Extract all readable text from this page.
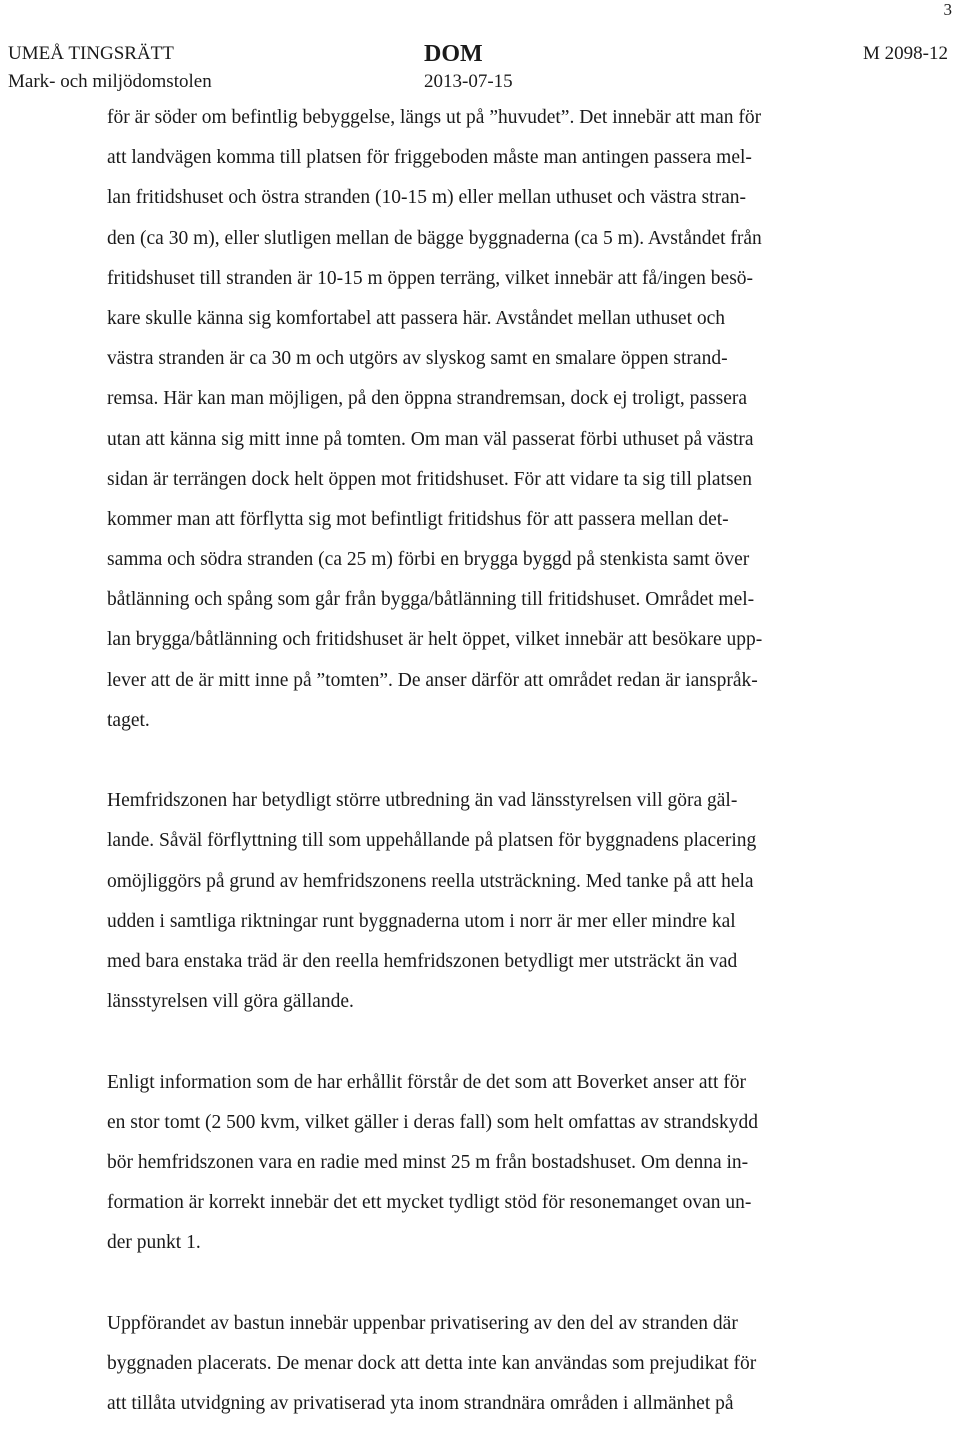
3
UMEÅ TINGSRÄTT
Mark- och miljödomstolen
DOM
2013-07-15
M 2098-12
för är söder om befintlig bebyggelse, längs ut på ”huvudet”. Det innebär att man för
att landvägen komma till platsen för friggeboden måste man antingen passera mel-
lan fritidshuset och östra stranden (10-15 m) eller mellan uthuset och västra stran-
den (ca 30 m), eller slutligen mellan de bägge byggnaderna (ca 5 m). Avståndet från
fritidshuset till stranden är 10-15 m öppen terräng, vilket innebär att få/ingen besö-
kare skulle känna sig komfortabel att passera här. Avståndet mellan uthuset och
västra stranden är ca 30 m och utgörs av slyskog samt en smalare öppen strand-
remsa. Här kan man möjligen, på den öppna strandremsan, dock ej troligt, passera
utan att känna sig mitt inne på tomten. Om man väl passerat förbi uthuset på västra
sidan är terrängen dock helt öppen mot fritidshuset. För att vidare ta sig till platsen
kommer man att förflytta sig mot befintligt fritidshus för att passera mellan det-
samma och södra stranden (ca 25 m) förbi en brygga byggd på stenkista samt över
båtlänning och spång som går från bygga/båtlänning till fritidshuset. Området mel-
lan brygga/båtlänning och fritidshuset är helt öppet, vilket innebär att besökare upp-
lever att de är mitt inne på ”tomten”. De anser därför att området redan är ianspråk-
taget.
Hemfridszonen har betydligt större utbredning än vad länsstyrelsen vill göra gäl-
lande. Såväl förflyttning till som uppehållande på platsen för byggnadens placering
omöjliggörs på grund av hemfridszonens reella utsträckning. Med tanke på att hela
udden i samtliga riktningar runt byggnaderna utom i norr är mer eller mindre kal
med bara enstaka träd är den reella hemfridszonen betydligt mer utsträckt än vad
länsstyrelsen vill göra gällande.
Enligt information som de har erhållit förstår de det som att Boverket anser att för
en stor tomt (2 500 kvm, vilket gäller i deras fall) som helt omfattas av strandskydd
bör hemfridszonen vara en radie med minst 25 m från bostadshuset. Om denna in-
formation är korrekt innebär det ett mycket tydligt stöd för resonemanget ovan un-
der punkt 1.
Uppförandet av bastun innebär uppenbar privatisering av den del av stranden där
byggnaden placerats. De menar dock att detta inte kan användas som prejudikat för
att tillåta utvidgning av privatiserad yta inom strandnära områden i allmänhet på
